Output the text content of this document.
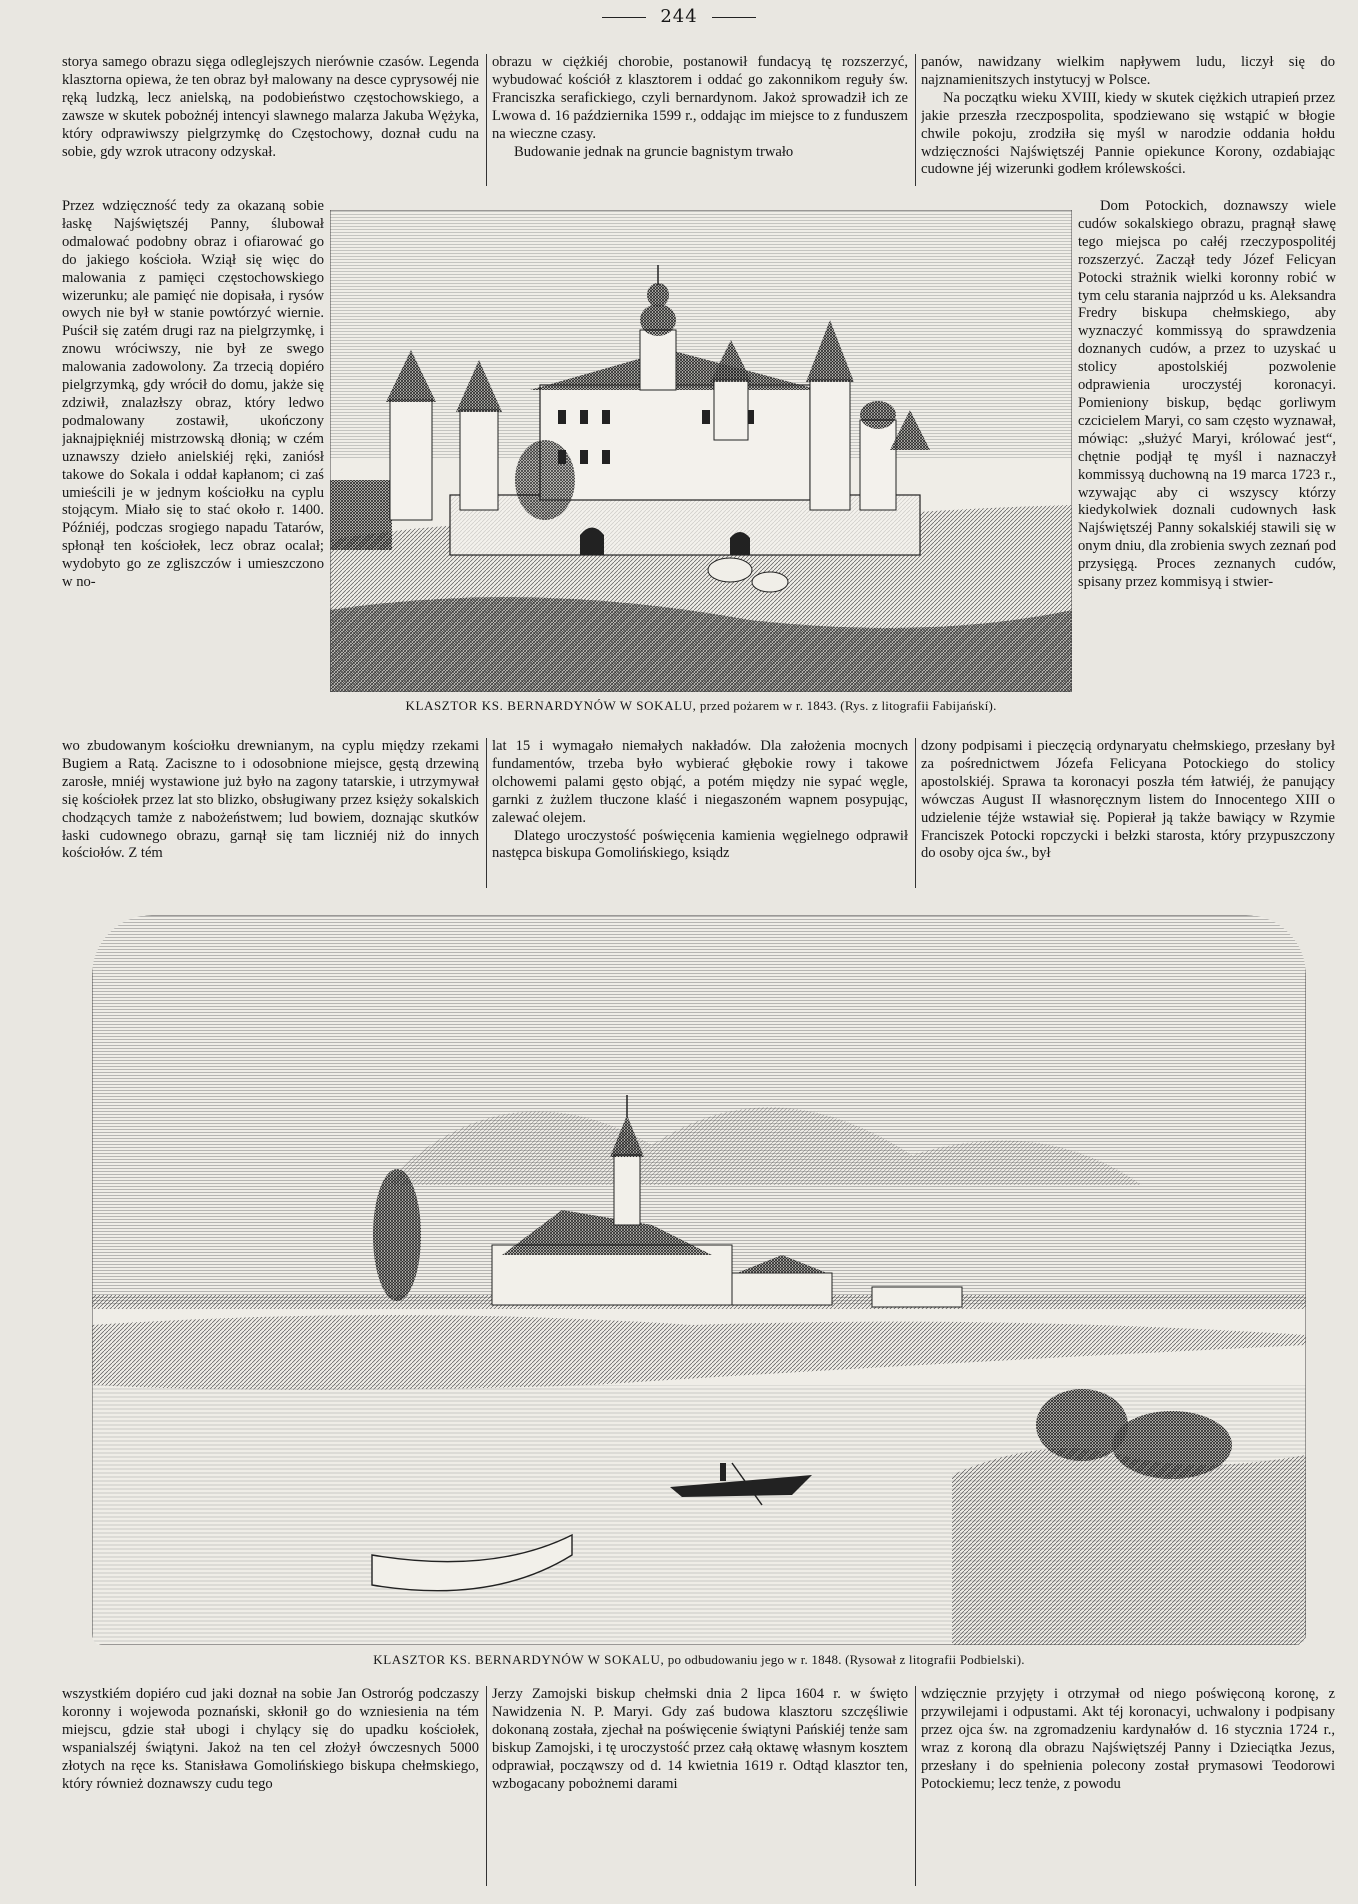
244

storya samego obrazu sięga odleglejszych nierównie czasów. Legenda klasztorna opiewa, że ten obraz był malowany na desce cyprysowéj nie ręką ludzką, lecz anielską, na podobieństwo częstochowskiego, a zawsze w skutek pobożnéj intencyi slawnego malarza Jakuba Wężyka, który odprawiwszy pielgrzymkę do Częstochowy, doznał cudu na sobie, gdy wzrok utracony odzyskał.

obrazu w ciężkiéj chorobie, postanowił fundacyą tę rozszerzyć, wybudować kościół z klasztorem i oddać go zakonnikom reguły św. Franciszka serafickiego, czyli bernardynom. Jakoż sprowadził ich ze Lwowa d. 16 października 1599 r., oddając im miejsce to z funduszem na wieczne czasy.

Budowanie jednak na gruncie bagnistym trwało

panów, nawidzany wielkim napływem ludu, liczył się do najznamienitszych instytucyj w Polsce.

Na początku wieku XVIII, kiedy w skutek ciężkich utrapień przez jakie przeszła rzeczpospolita, spodziewano się wstąpić w błogie chwile pokoju, zrodziła się myśl w narodzie oddania hołdu wdzięczności Najświętszéj Pannie opiekunce Korony, ozdabiając cudowne jéj wizerunki godłem królewskości.

Przez wdzięczność tedy za okazaną sobie łaskę Najświętszéj Panny, ślubował odmalować podobny obraz i ofiarować go do jakiego kościoła. Wziął się więc do malowania z pamięci częstochowskiego wizerunku; ale pamięć nie dopisała, i rysów owych nie był w stanie powtórzyć wiernie. Puścił się zatém drugi raz na pielgrzymkę, i znowu wróciwszy, nie był ze swego malowania zadowolony. Za trzecią dopiéro pielgrzymką, gdy wrócił do domu, jakże się zdziwił, znalazłszy obraz, który ledwo podmalowany zostawił, ukończony jaknajpiękniéj mistrzowską dłonią; w czém uznawszy dzieło anielskiéj ręki, zaniósł takowe do Sokala i oddał kapłanom; ci zaś umieścili je w jednym kościołku na cyplu stojącym. Miało się to stać około r. 1400. Późniéj, podczas srogiego napadu Tatarów, spłonął ten kościołek, lecz obraz ocalał; wydobyto go ze zgliszczów i umieszczono w no-

Dom Potockich, doznawszy wiele cudów sokalskiego obrazu, pragnął sławę tego miejsca po całéj rzeczypospolitéj rozszerzyć. Zaczął tedy Józef Felicyan Potocki strażnik wielki koronny robić w tym celu starania najprzód u ks. Aleksandra Fredry biskupa chełmskiego, aby wyznaczyć kommissyą do sprawdzenia doznanych cudów, a przez to uzyskać u stolicy apostolskiéj pozwolenie odprawienia uroczystéj koronacyi. Pomieniony biskup, będąc gorliwym czcicielem Maryi, co sam często wyznawał, mówiąc: „służyć Maryi, królować jest“, chętnie podjął tę myśl i naznaczył kommissyą duchowną na 19 marca 1723 r., wzywając aby ci wszyscy którzy kiedykolwiek doznali cudownych łask Najświętszéj Panny sokalskiéj stawili się w onym dniu, dla zrobienia swych zeznań pod przysięgą. Proces zeznanych cudów, spisany przez kommisyą i stwier-

KLASZTOR KS. BERNARDYNÓW W SOKALU, przed pożarem w r. 1843. (Rys. z litografii Fabijańskí).

wo zbudowanym kościołku drewnianym, na cyplu między rzekami Bugiem a Ratą. Zaciszne to i odosobnione miejsce, gęstą drzewiną zarosłe, mniéj wystawione już było na zagony tatarskie, i utrzymywał się kościołek przez lat sto blizko, obsługiwany przez księży sokalskich chodzących tamże z nabożeństwem; lud bowiem, doznając skutków łaski cudownego obrazu, garnął się tam liczniéj niż do innych kościołów. Z tém

lat 15 i wymagało niemałych nakładów. Dla założenia mocnych fundamentów, trzeba było wybierać głębokie rowy i takowe olchowemi palami gęsto objąć, a potém między nie sypać węgle, garnki z żużlem tłuczone klaść i niegaszoném wapnem posypując, zalewać olejem.

Dlatego uroczystość poświęcenia kamienia węgielnego odprawił następca biskupa Gomolińskiego, ksiądz

dzony podpisami i pieczęcią ordynaryatu chełmskiego, przesłany był za pośrednictwem Józefa Felicyana Potockiego do stolicy apostolskiéj. Sprawa ta koronacyi poszła tém łatwiéj, że panujący wówczas August II własnoręcznym listem do Innocentego XIII o udzielenie téjże wstawiał się. Popierał ją także bawiący w Rzymie Franciszek Potocki ropczycki i bełzki starosta, który przypuszczony do osoby ojca św., był

KLASZTOR KS. BERNARDYNÓW W SOKALU, po odbudowaniu jego w r. 1848. (Rysował z litografii Podbielski).

wszystkiém dopiéro cud jaki doznał na sobie Jan Ostroróg podczaszy koronny i wojewoda poznański, skłonił go do wzniesienia na tém miejscu, gdzie stał ubogi i chylący się do upadku kościołek, wspanialszéj świątyni. Jakoż na ten cel złożył ówczesnych 5000 złotych na ręce ks. Stanisława Gomolińskiego biskupa chełmskiego, który również doznawszy cudu tego

Jerzy Zamojski biskup chełmski dnia 2 lipca 1604 r. w święto Nawidzenia N. P. Maryi. Gdy zaś budowa klasztoru szczęśliwie dokonaną została, zjechał na poświęcenie świątyni Pańskiéj tenże sam biskup Zamojski, i tę uroczystość przez całą oktawę własnym kosztem odprawiał, począwszy od d. 14 kwietnia 1619 r. Odtąd klasztor ten, wzbogacany pobożnemi darami

wdzięcznie przyjęty i otrzymał od niego poświęconą koronę, z przywilejami i odpustami. Akt téj koronacyi, uchwalony i podpisany przez ojca św. na zgromadzeniu kardynałów d. 16 stycznia 1724 r., wraz z koroną dla obrazu Najświętszéj Panny i Dzieciątka Jezus, przesłany i do spełnienia polecony został prymasowi Teodorowi Potockiemu; lecz tenże, z powodu
